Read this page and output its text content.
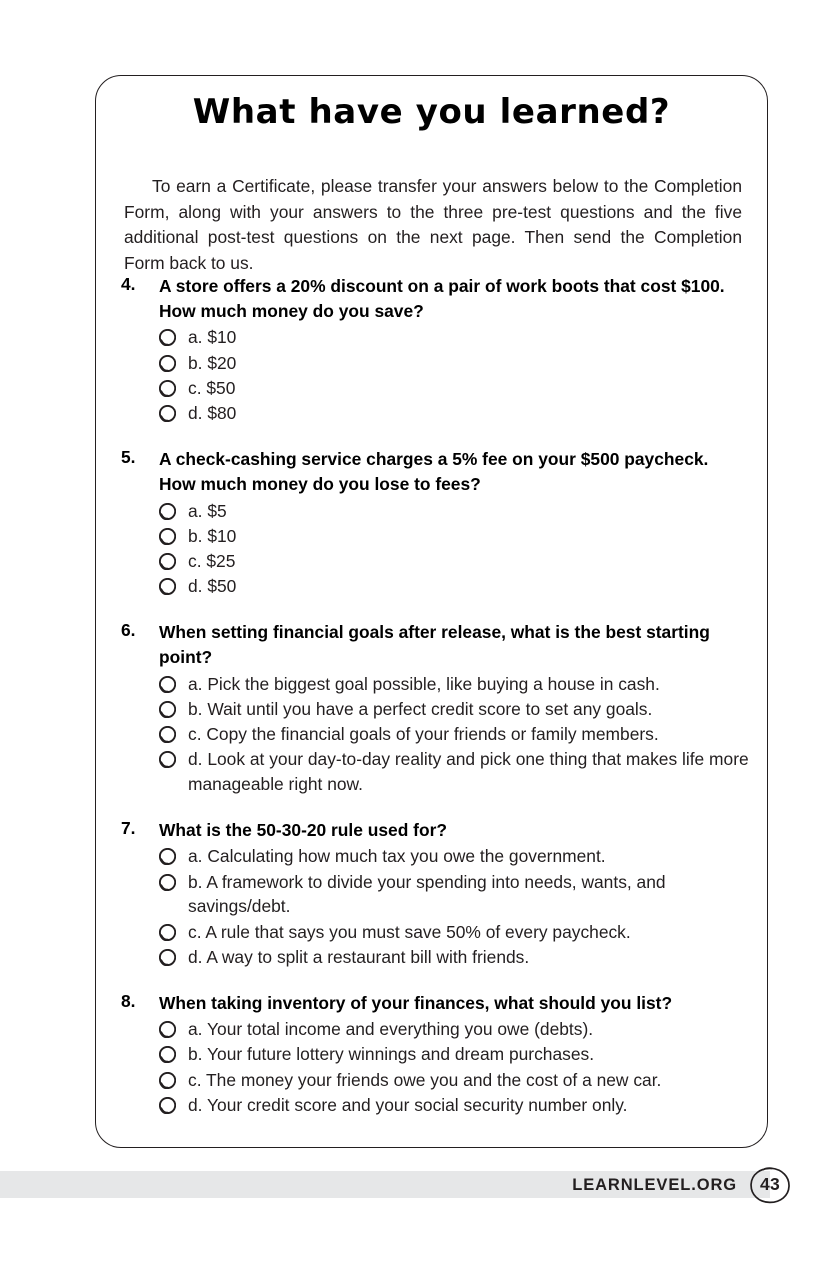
What have you learned?

To earn a Certificate, please transfer your answers below to the Completion Form, along with your answers to the three pre-test questions and the five additional post-test questions on the next page. Then send the Completion Form back to us.

4.	A store offers a 20% discount on a pair of work boots that cost $100. How much money do you save?
a. $10
b. $20
c. $50
d. $80
5.	A check-cashing service charges a 5% fee on your $500 paycheck. How much money do you lose to fees?
a. $5
b. $10
c. $25
d. $50
6.	When setting financial goals after release, what is the best starting point?
a. Pick the biggest goal possible, like buying a house in cash.
b. Wait until you have a perfect credit score to set any goals.
c. Copy the financial goals of your friends or family members.
d. Look at your day-to-day reality and pick one thing that makes life more manageable right now.
7.	What is the 50-30-20 rule used for?
a. Calculating how much tax you owe the government.
b. A framework to divide your spending into needs, wants, and savings/debt.
c. A rule that says you must save 50% of every paycheck.
d. A way to split a restaurant bill with friends.
8.	When taking inventory of your finances, what should you list?
a. Your total income and everything you owe (debts).
b. Your future lottery winnings and dream purchases.
c. The money your friends owe you and the cost of a new car.
d. Your credit score and your social security number only.
LEARNLEVEL.ORG 43
